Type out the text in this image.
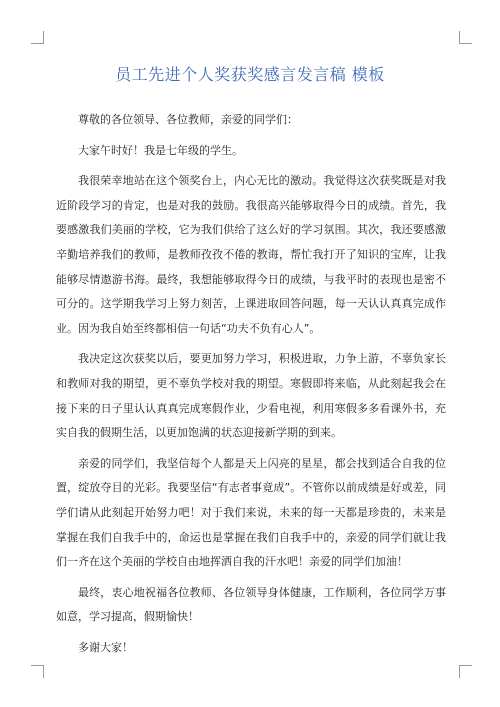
员工先进个人奖获奖感言发言稿 模板

尊敬的各位领导、各位教师，亲爱的同学们：

大家午时好！我是七年级的学生。

我很荣幸地站在这个领奖台上，内心无比的激动。我觉得这次获奖既是对我近阶段学习的肯定，也是对我的鼓励。我很高兴能够取得今日的成绩。首先，我要感激我们美丽的学校，它为我们供给了这么好的学习氛围。其次，我还要感激辛勤培养我们的教师，是教师孜孜不倦的教诲，帮忙我打开了知识的宝库，让我能够尽情遨游书海。最终，我想能够取得今日的成绩，与我平时的表现也是密不可分的。这学期我学习上努力刻苦，上课进取回答问题，每一天认认真真完成作业。因为我自始至终都相信一句话“功夫不负有心人”。

我决定这次获奖以后，要更加努力学习，积极进取，力争上游，不辜负家长和教师对我的期望，更不辜负学校对我的期望。寒假即将来临，从此刻起我会在接下来的日子里认认真真完成寒假作业，少看电视，利用寒假多多看课外书，充实自我的假期生活，以更加饱满的状态迎接新学期的到来。

亲爱的同学们，我坚信每个人都是天上闪亮的星星，都会找到适合自我的位置，绽放夺目的光彩。我要坚信“有志者事竟成”。不管你以前成绩是好或差，同学们请从此刻起开始努力吧！对于我们来说，未来的每一天都是珍贵的，未来是掌握在我们自我手中的，命运也是掌握在我们自我手中的，亲爱的同学们就让我们一齐在这个美丽的学校自由地挥洒自我的汗水吧！亲爱的同学们加油！

最终，衷心地祝福各位教师、各位领导身体健康，工作顺利，各位同学万事如意，学习提高，假期愉快！

多谢大家！
